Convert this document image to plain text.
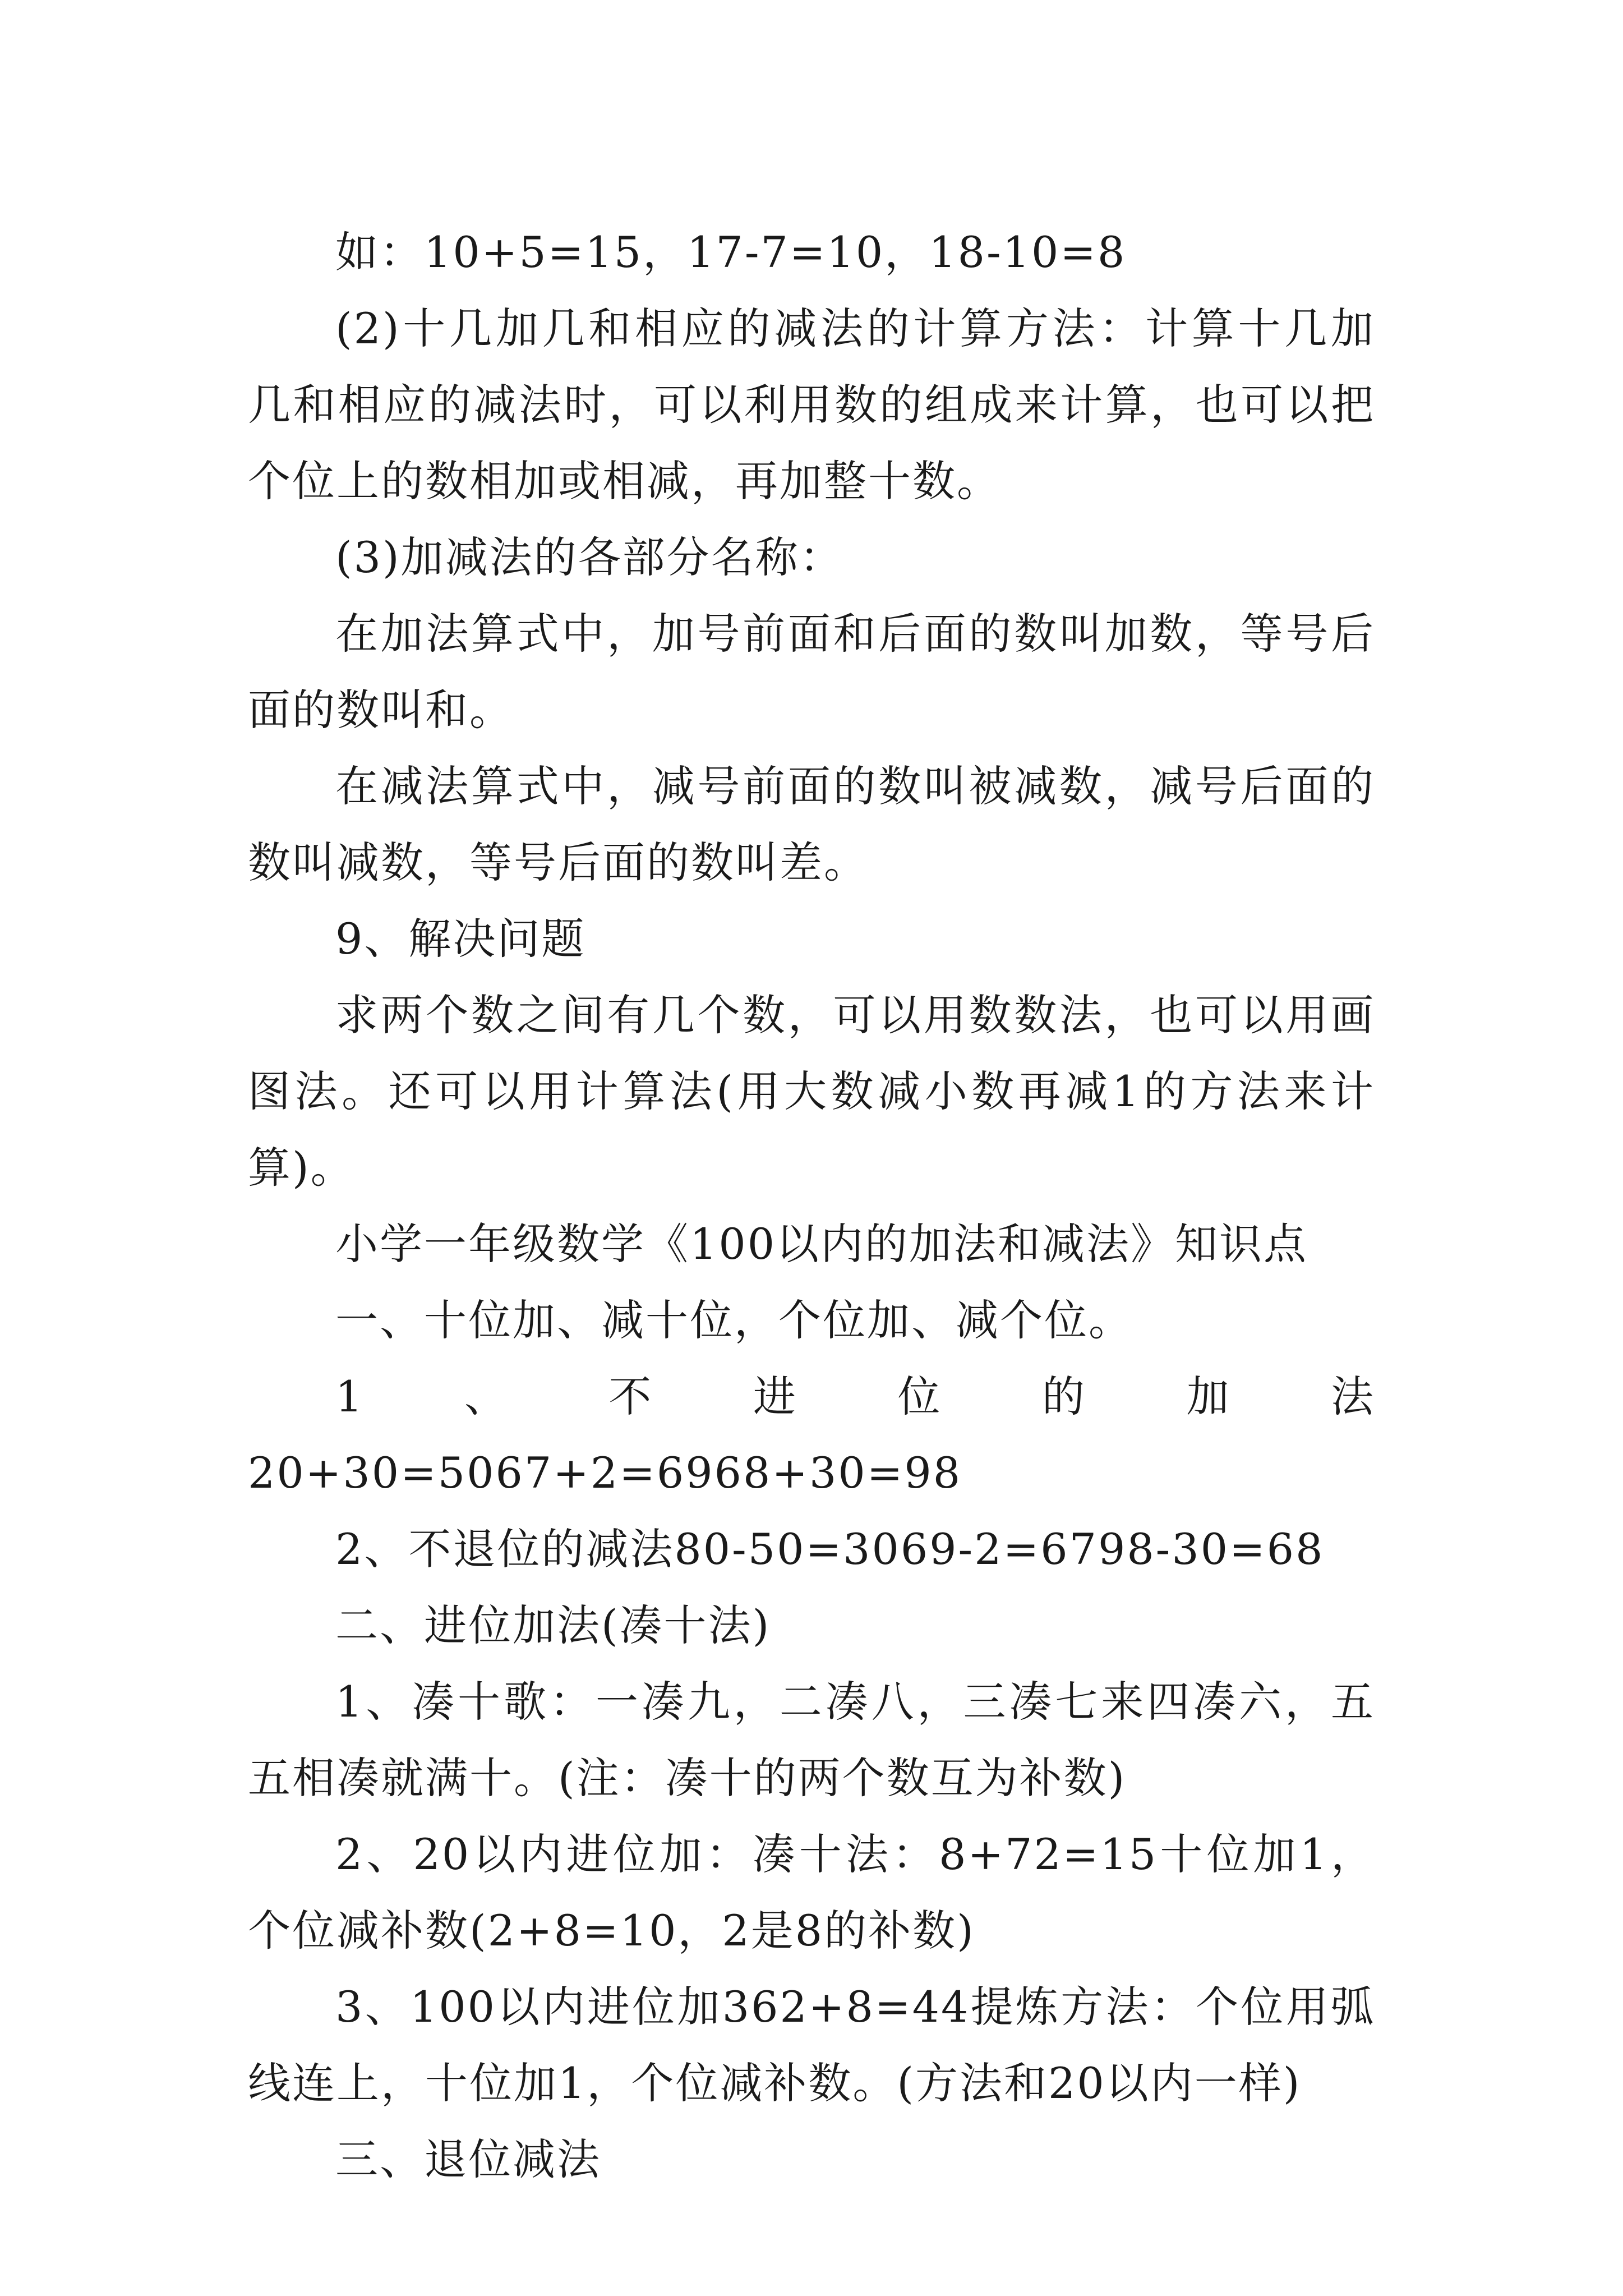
如：10+5=15，17-7=10，18-10=8

(2)十几加几和相应的减法的计算方法：计算十几加几和相应的减法时，可以利用数的组成来计算，也可以把个位上的数相加或相减，再加整十数。

(3)加减法的各部分名称：

在加法算式中，加号前面和后面的数叫加数，等号后面的数叫和。

在减法算式中，减号前面的数叫被减数，减号后面的数叫减数，等号后面的数叫差。

9、解决问题

求两个数之间有几个数，可以用数数法，也可以用画图法。还可以用计算法(用大数减小数再减1的方法来计算)。

小学一年级数学《100以内的加法和减法》知识点

一、十位加、减十位，个位加、减个位。

1、不进位的加法20+30=5067+2=6968+30=98

2、不退位的减法80-50=3069-2=6798-30=68

二、进位加法(凑十法)

1、凑十歌：一凑九，二凑八，三凑七来四凑六，五五相凑就满十。(注：凑十的两个数互为补数)

2、20以内进位加：凑十法：8+72=15十位加1，个位减补数(2+8=10，2是8的补数)

3、100以内进位加362+8=44提炼方法：个位用弧线连上，十位加1，个位减补数。(方法和20以内一样)

三、退位减法
